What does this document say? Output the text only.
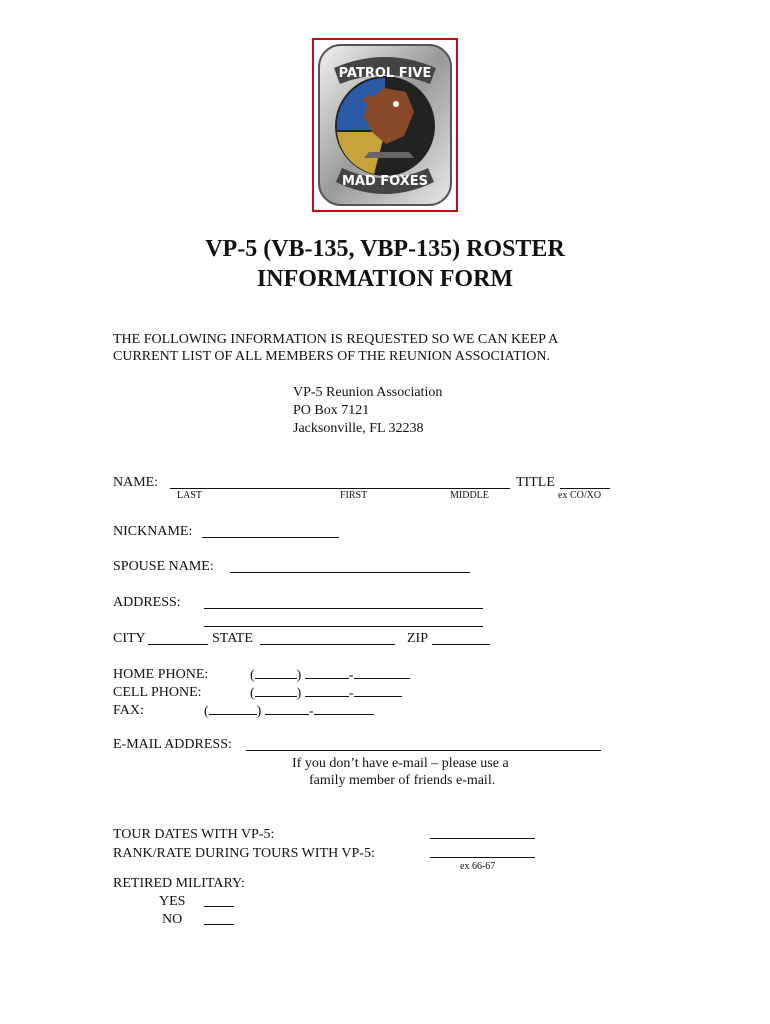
PATROL FIVE
MAD FOXES
VP-5 (VB-135, VBP-135) ROSTER
INFORMATION FORM
THE FOLLOWING INFORMATION IS REQUESTED SO WE CAN KEEP A
CURRENT LIST OF ALL MEMBERS OF THE REUNION ASSOCIATION.
VP-5 Reunion Association
PO Box 7121
Jacksonville, FL 32238
NAME:	TITLE
LAST	FIRST	MIDDLE	ex CO/XO
NICKNAME:
SPOUSE NAME:
ADDRESS:
CITY	STATE	ZIP
HOME PHONE:	(	)	-
CELL PHONE:	(	)	-
FAX:	(	)	-
E-MAIL ADDRESS:
If you don’t have e-mail – please use a
family member of friends e-mail.
TOUR DATES WITH VP-5:
RANK/RATE DURING TOURS WITH VP-5:
ex 66-67
RETIRED MILITARY:
YES
NO
